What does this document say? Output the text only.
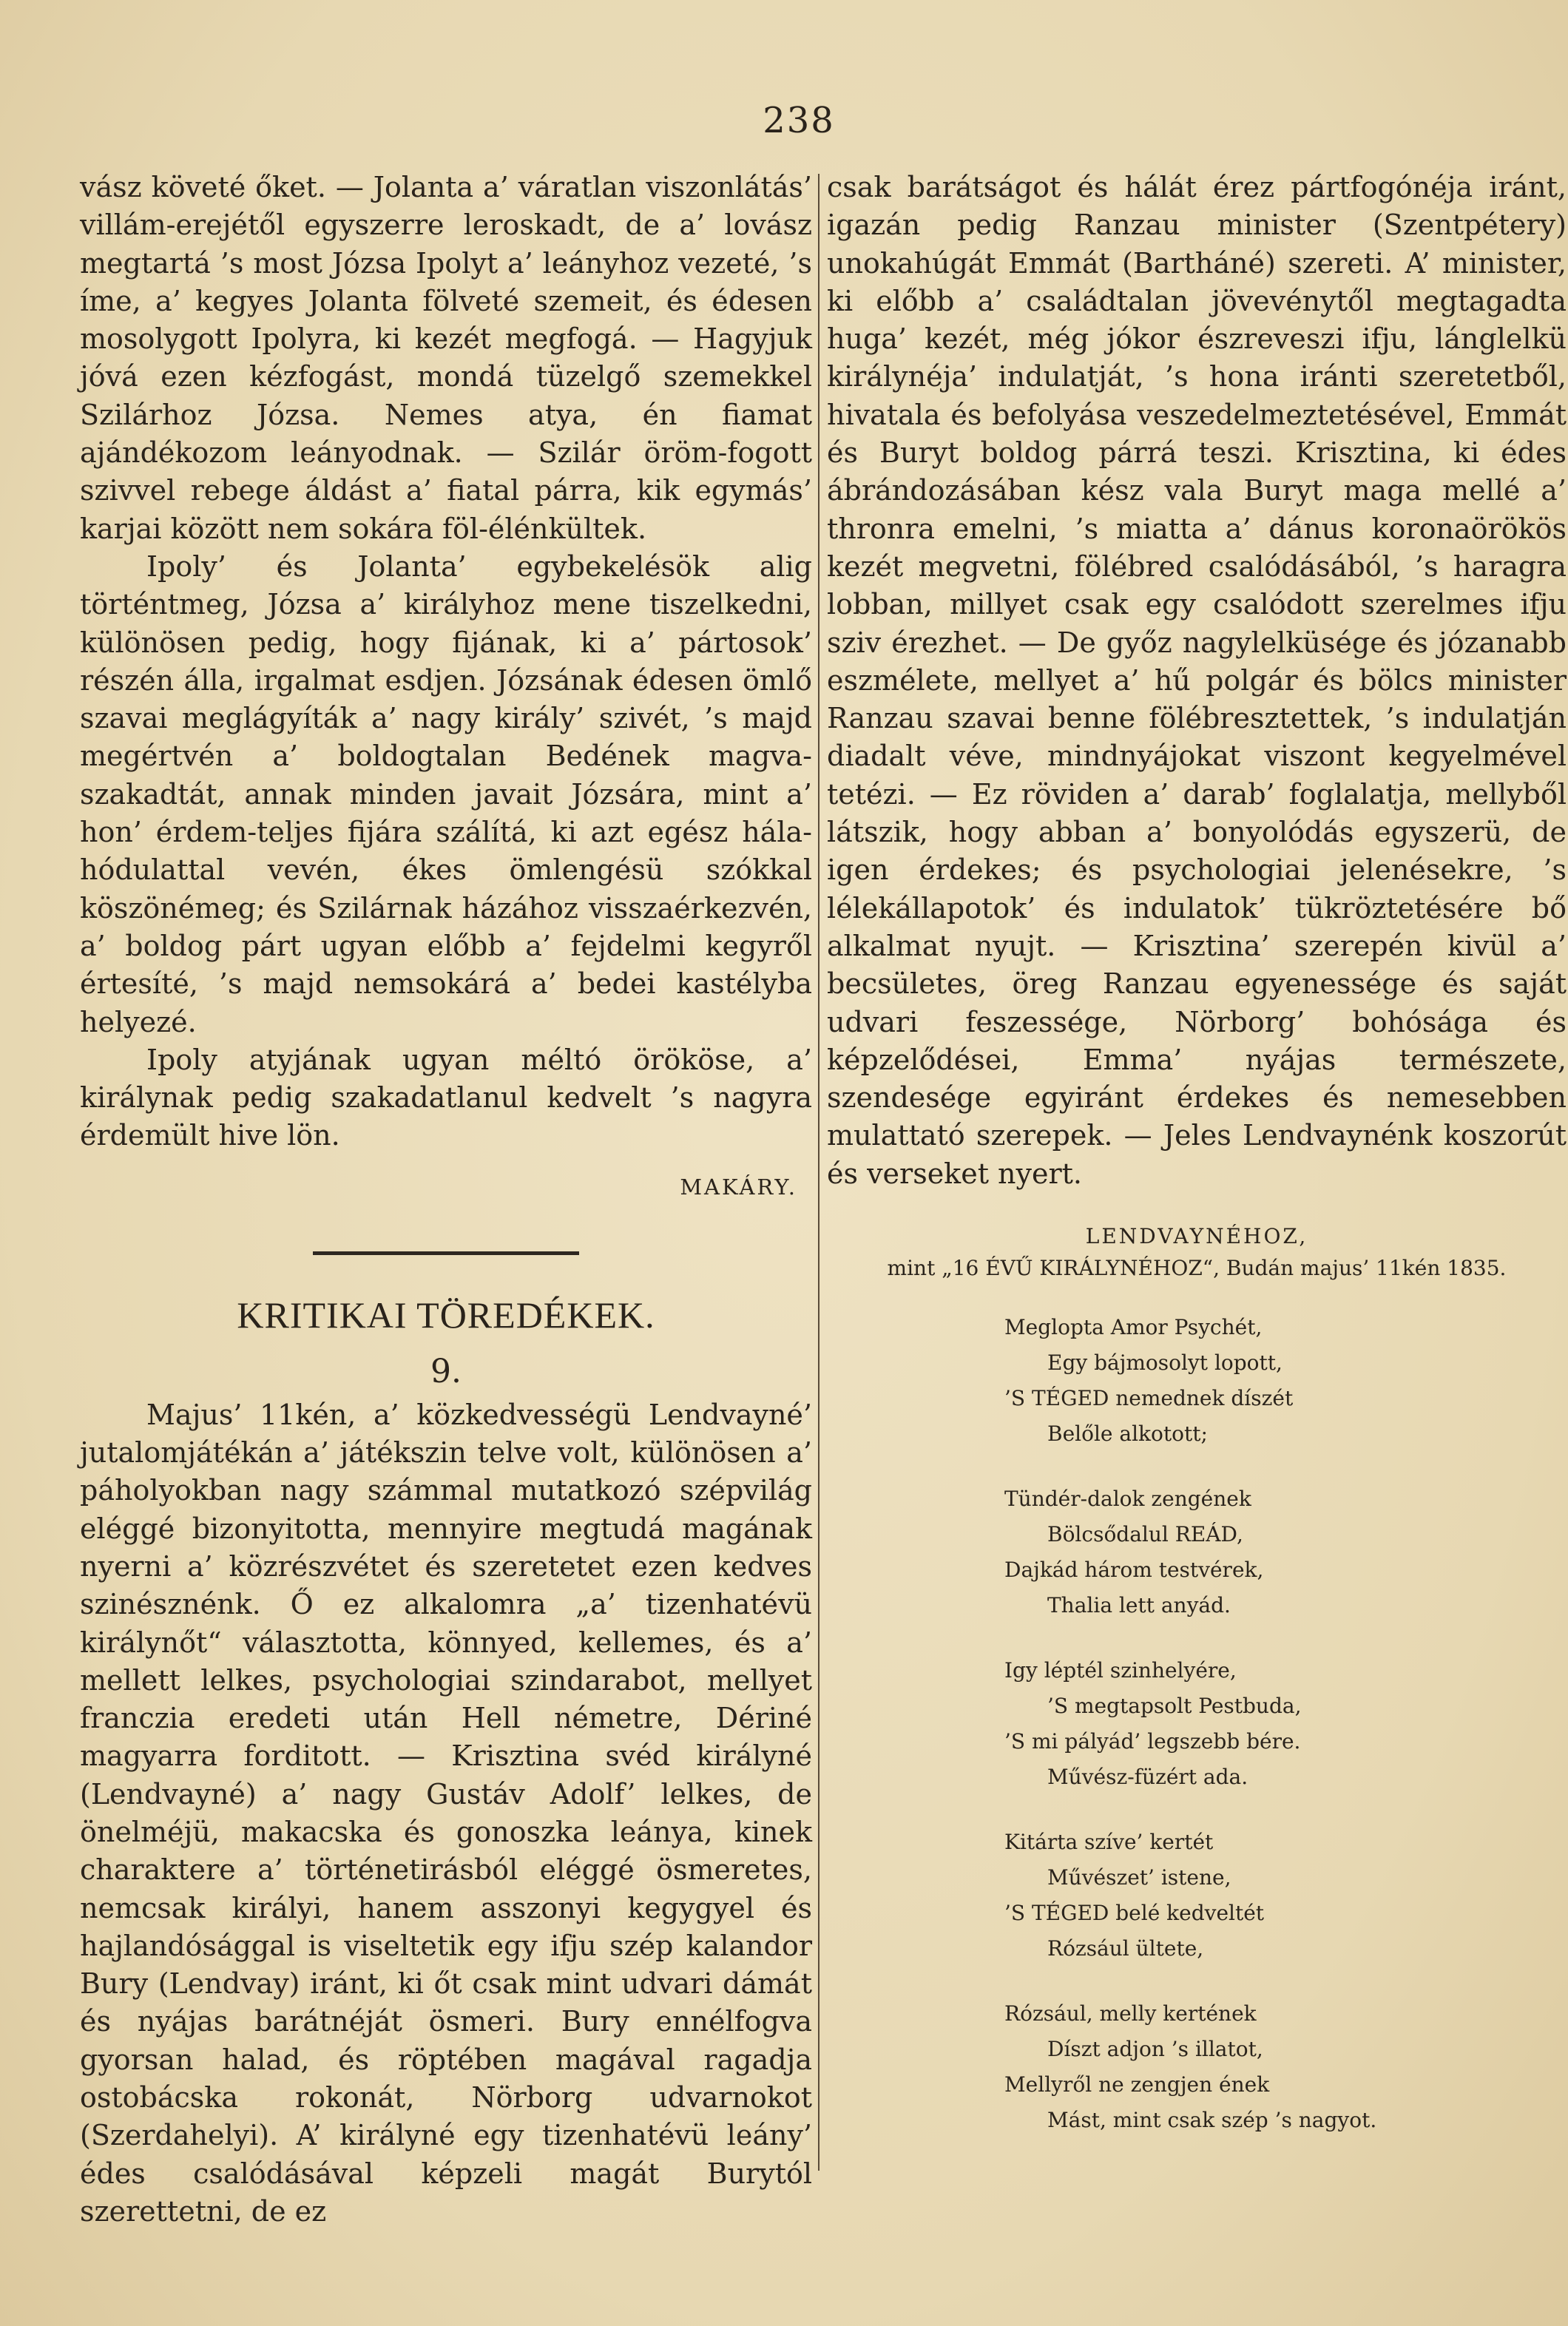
238

vász követé őket. — Jolanta a’ váratlan viszonlátás’ villám-erejétől egyszerre leroskadt, de a’ lovász megtartá ’s most Józsa Ipolyt a’ leányhoz vezeté, ’s íme, a’ kegyes Jolanta fölveté szemeit, és édesen mosolygott Ipolyra, ki kezét megfogá. — Hagyjuk jóvá ezen kézfogást, mondá tüzelgő szemekkel Szilárhoz Józsa. Nemes atya, én fiamat ajándékozom leányodnak. — Szilár öröm-fogott szivvel rebege áldást a’ fiatal párra, kik egymás’ karjai között nem sokára föl-élénkültek.

Ipoly’ és Jolanta’ egybekelésök alig történtmeg, Józsa a’ királyhoz mene tiszelkedni, különösen pedig, hogy fijának, ki a’ pártosok’ részén álla, irgalmat esdjen. Józsának édesen ömlő szavai meglágyíták a’ nagy király’ szivét, ’s majd megértvén a’ boldogtalan Bedének magva-szakadtát, annak minden javait Józsára, mint a’ hon’ érdem-teljes fijára szálítá, ki azt egész hála-hódulattal vevén, ékes ömlengésü szókkal köszönémeg; és Szilárnak házához visszaérkezvén, a’ boldog párt ugyan előbb a’ fejdelmi kegyről értesíté, ’s majd nemsokárá a’ bedei kastélyba helyezé.

Ipoly atyjának ugyan méltó örököse, a’ királynak pedig szakadatlanul kedvelt ’s nagyra érdemült hive lön.

MAKÁRY.
KRITIKAI TÖREDÉKEK.
9.

Majus’ 11kén, a’ közkedvességü Lendvayné’ jutalomjátékán a’ játékszin telve volt, különösen a’ páholyokban nagy számmal mutatkozó szépvilág eléggé bizonyitotta, mennyire megtudá magának nyerni a’ közrészvétet és szeretetet ezen kedves szinésznénk. Ő ez alkalomra „a’ tizenhatévü királynőt“ választotta, könnyed, kellemes, és a’ mellett lelkes, psychologiai szindarabot, mellyet franczia eredeti után Hell németre, Dériné magyarra forditott. — Krisztina svéd királyné (Lendvayné) a’ nagy Gustáv Adolf’ lelkes, de önelméjü, makacska és gonoszka leánya, kinek charaktere a’ történetirásból eléggé ösmeretes, nemcsak királyi, hanem asszonyi kegygyel és hajlandósággal is viseltetik egy ifju szép kalandor Bury (Lendvay) iránt, ki őt csak mint udvari dámát és nyájas barátnéját ösmeri. Bury ennélfogva gyorsan halad, és röptében magával ragadja ostobácska rokonát, Nörborg udvarnokot (Szerdahelyi). A’ királyné egy tizenhatévü leány’ édes csalódásával képzeli magát Burytól szerettetni, de ez

csak barátságot és hálát érez pártfogónéja iránt, igazán pedig Ranzau minister (Szentpétery) unokahúgát Emmát (Bartháné) szereti. A’ minister, ki előbb a’ családtalan jövevénytől megtagadta huga’ kezét, még jókor észreveszi ifju, lánglelkü királynéja’ indulatját, ’s hona iránti szeretetből, hivatala és befolyása veszedelmeztetésével, Emmát és Buryt boldog párrá teszi. Krisztina, ki édes ábrándozásában kész vala Buryt maga mellé a’ thronra emelni, ’s miatta a’ dánus koronaörökös kezét megvetni, fölébred csalódásából, ’s haragra lobban, millyet csak egy csalódott szerelmes ifju sziv érezhet. — De győz nagylelküsége és józanabb eszmélete, mellyet a’ hű polgár és bölcs minister Ranzau szavai benne fölébresztettek, ’s indulatján diadalt véve, mindnyájokat viszont kegyelmével tetézi. — Ez röviden a’ darab’ foglalatja, mellyből látszik, hogy abban a’ bonyolódás egyszerü, de igen érdekes; és psychologiai jelenésekre, ’s lélekállapotok’ és indulatok’ tükröztetésére bő alkalmat nyujt. — Krisztina’ szerepén kivül a’ becsületes, öreg Ranzau egyenessége és saját udvari feszessége, Nörborg’ bohósága és képzelődései, Emma’ nyájas természete, szendesége egyiránt érdekes és nemesebben mulattató szerepek. — Jeles Lendvaynénk koszorút és verseket nyert.

LENDVAYNÉHOZ,
mint „16 ÉVŰ KIRÁLYNÉHOZ“, Budán majus’ 11kén 1835.
Meglopta Amor Psychét,
Egy bájmosolyt lopott,
’S TÉGED nemednek díszét
Belőle alkotott;
Tündér-dalok zengének
Bölcsődalul REÁD,
Dajkád három testvérek,
Thalia lett anyád.
Igy léptél szinhelyére,
’S megtapsolt Pestbuda,
’S mi pályád’ legszebb bére.
Művész-füzért ada.
Kitárta szíve’ kertét
Művészet’ istene,
’S TÉGED belé kedveltét
Rózsául ültete,
Rózsául, melly kertének
Díszt adjon ’s illatot,
Mellyről ne zengjen ének
Mást, mint csak szép ’s nagyot.
